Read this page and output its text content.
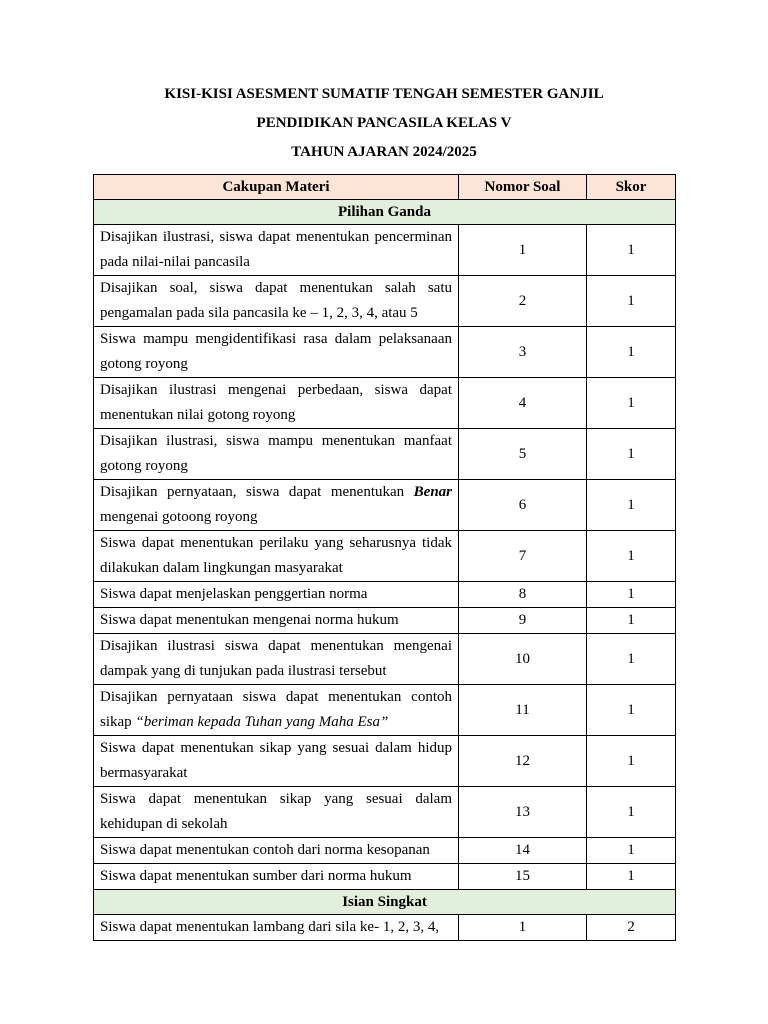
KISI-KISI ASESMENT SUMATIF TENGAH SEMESTER GANJIL
PENDIDIKAN PANCASILA KELAS V
TAHUN AJARAN 2024/2025
Cakupan Materi	Nomor Soal	Skor
Pilihan Ganda		
Disajikan ilustrasi, siswa dapat menentukan pencerminan pada nilai-nilai pancasila	1	1
Disajikan soal, siswa dapat menentukan salah satu pengamalan pada sila pancasila ke – 1, 2, 3, 4, atau 5	2	1
Siswa mampu mengidentifikasi rasa dalam pelaksanaan gotong royong	3	1
Disajikan ilustrasi mengenai perbedaan, siswa dapat menentukan nilai gotong royong	4	1
Disajikan ilustrasi, siswa mampu menentukan manfaat gotong royong	5	1
Disajikan pernyataan, siswa dapat menentukan Benar mengenai gotoong royong	6	1
Siswa dapat menentukan perilaku yang seharusnya tidak dilakukan dalam lingkungan masyarakat	7	1
Siswa dapat menjelaskan penggertian norma	8	1
Siswa dapat menentukan mengenai norma hukum	9	1
Disajikan ilustrasi siswa dapat menentukan mengenai dampak yang di tunjukan pada ilustrasi tersebut	10	1
Disajikan pernyataan siswa dapat menentukan contoh sikap “beriman kepada Tuhan yang Maha Esa”	11	1
Siswa dapat menentukan sikap yang sesuai dalam hidup bermasyarakat	12	1
Siswa dapat menentukan sikap yang sesuai dalam kehidupan di sekolah	13	1
Siswa dapat menentukan contoh dari norma kesopanan	14	1
Siswa dapat menentukan sumber dari norma hukum	15	1
Isian Singkat		
Siswa dapat menentukan lambang dari sila ke- 1, 2, 3, 4,	1	2
